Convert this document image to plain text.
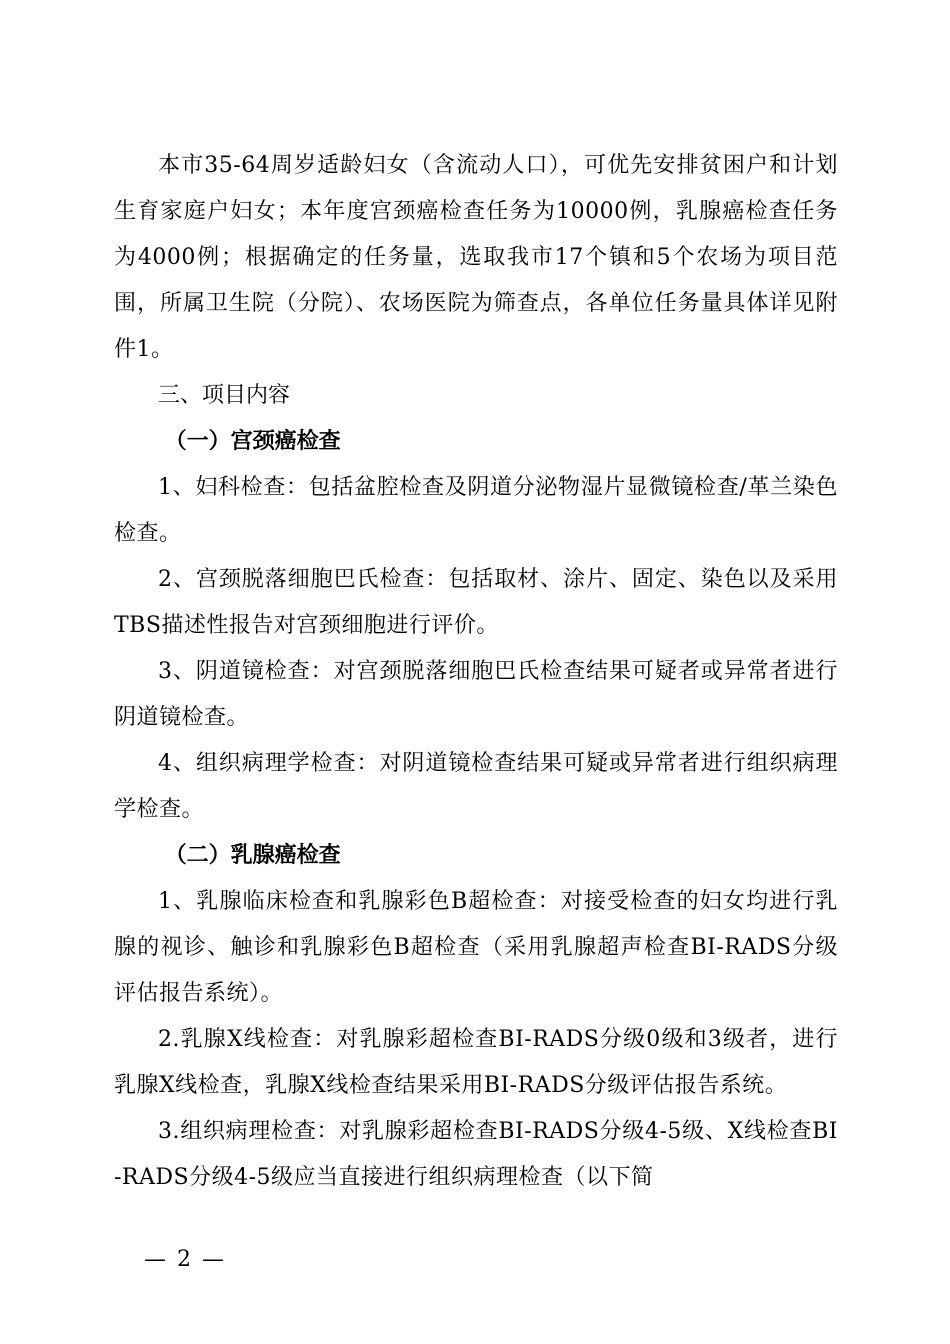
本市35-64周岁适龄妇女（含流动人口），可优先安排贫困户和计划生育家庭户妇女；本年度宫颈癌检查任务为10000例，乳腺癌检查任务为4000例；根据确定的任务量，选取我市17个镇和5个农场为项目范围，所属卫生院（分院）、农场医院为筛查点，各单位任务量具体详见附件1。

三、项目内容

（一）宫颈癌检查

1、妇科检查：包括盆腔检查及阴道分泌物湿片显微镜检查/革兰染色检查。

2、宫颈脱落细胞巴氏检查：包括取材、涂片、固定、染色以及采用TBS描述性报告对宫颈细胞进行评价。

3、阴道镜检查：对宫颈脱落细胞巴氏检查结果可疑者或异常者进行阴道镜检查。

4、组织病理学检查：对阴道镜检查结果可疑或异常者进行组织病理学检查。

（二）乳腺癌检查

1、乳腺临床检查和乳腺彩色B超检查：对接受检查的妇女均进行乳腺的视诊、触诊和乳腺彩色B超检查（采用乳腺超声检查BI-RADS分级评估报告系统）。

2.乳腺X线检查：对乳腺彩超检查BI-RADS分级0级和3级者，进行乳腺X线检查，乳腺X线检查结果采用BI-RADS分级评估报告系统。

3.组织病理检查：对乳腺彩超检查BI-RADS分级4-5级、X线检查BI-RADS分级4-5级应当直接进行组织病理检查（以下简

— 2 —
